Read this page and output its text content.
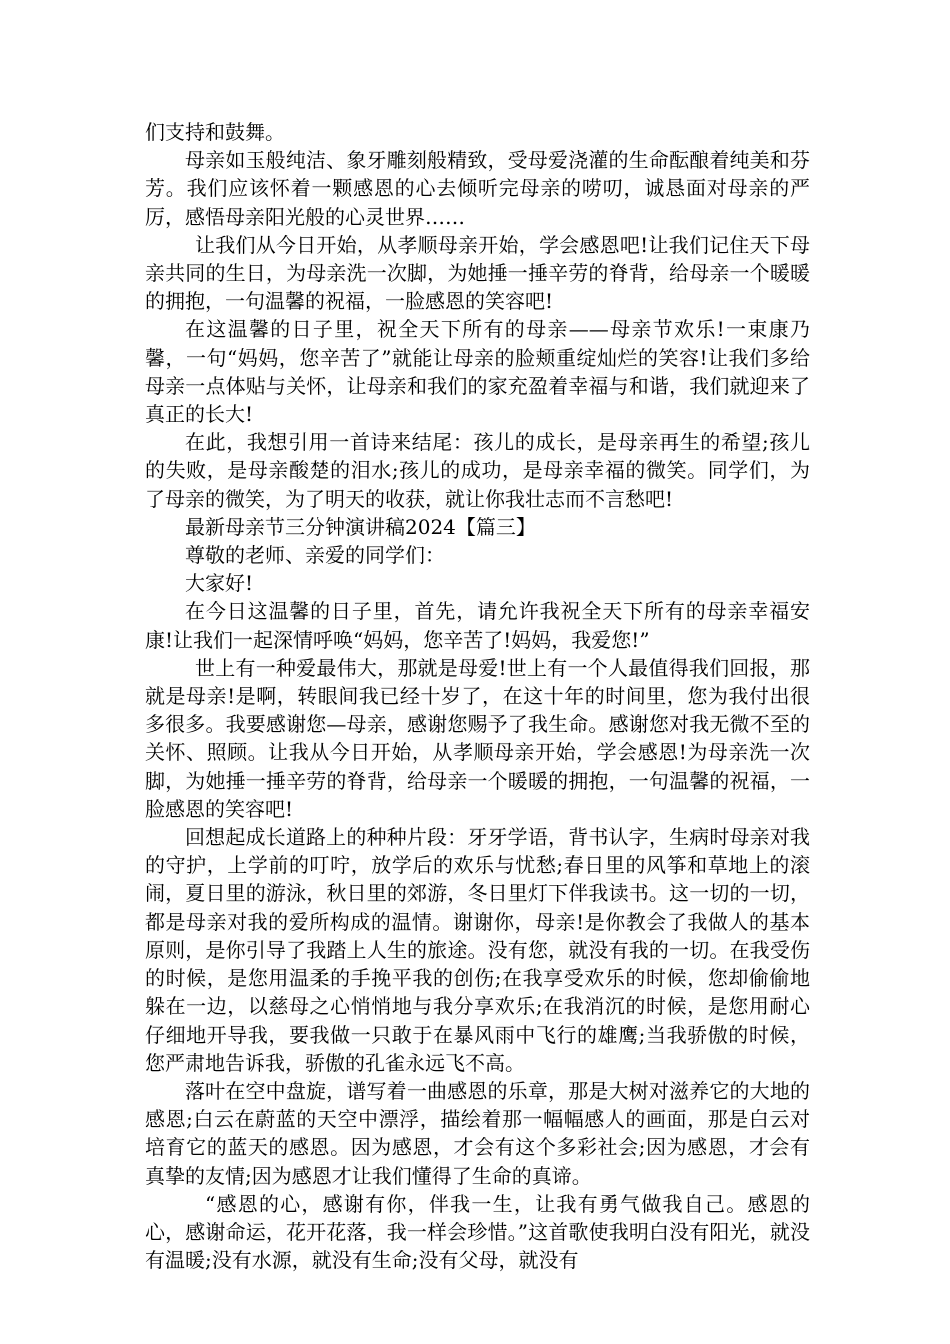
们支持和鼓舞。

母亲如玉般纯洁、象牙雕刻般精致，受母爱浇灌的生命酝酿着纯美和芬芳。我们应该怀着一颗感恩的心去倾听完母亲的唠叨，诚恳面对母亲的严厉，感悟母亲阳光般的心灵世界……

让我们从今日开始，从孝顺母亲开始，学会感恩吧!让我们记住天下母亲共同的生日，为母亲洗一次脚，为她捶一捶辛劳的脊背，给母亲一个暖暖的拥抱，一句温馨的祝福，一脸感恩的笑容吧!

在这温馨的日子里，祝全天下所有的母亲——母亲节欢乐!一束康乃馨，一句“妈妈，您辛苦了”就能让母亲的脸颊重绽灿烂的笑容!让我们多给母亲一点体贴与关怀，让母亲和我们的家充盈着幸福与和谐，我们就迎来了真正的长大!

在此，我想引用一首诗来结尾：孩儿的成长，是母亲再生的希望;孩儿的失败，是母亲酸楚的泪水;孩儿的成功，是母亲幸福的微笑。同学们，为了母亲的微笑，为了明天的收获，就让你我壮志而不言愁吧!

最新母亲节三分钟演讲稿2024【篇三】

尊敬的老师、亲爱的同学们：

大家好!

在今日这温馨的日子里，首先，请允许我祝全天下所有的母亲幸福安康!让我们一起深情呼唤“妈妈，您辛苦了!妈妈，我爱您!”

世上有一种爱最伟大，那就是母爱!世上有一个人最值得我们回报，那就是母亲!是啊，转眼间我已经十岁了，在这十年的时间里，您为我付出很多很多。我要感谢您—母亲，感谢您赐予了我生命。感谢您对我无微不至的关怀、照顾。让我从今日开始，从孝顺母亲开始，学会感恩!为母亲洗一次脚，为她捶一捶辛劳的脊背，给母亲一个暖暖的拥抱，一句温馨的祝福，一脸感恩的笑容吧!

回想起成长道路上的种种片段：牙牙学语，背书认字，生病时母亲对我的守护，上学前的叮咛，放学后的欢乐与忧愁;春日里的风筝和草地上的滚闹，夏日里的游泳，秋日里的郊游，冬日里灯下伴我读书。这一切的一切，都是母亲对我的爱所构成的温情。谢谢你，母亲!是你教会了我做人的基本原则，是你引导了我踏上人生的旅途。没有您，就没有我的一切。在我受伤的时候，是您用温柔的手挽平我的创伤;在我享受欢乐的时候，您却偷偷地躲在一边，以慈母之心悄悄地与我分享欢乐;在我消沉的时候，是您用耐心仔细地开导我，要我做一只敢于在暴风雨中飞行的雄鹰;当我骄傲的时候，您严肃地告诉我，骄傲的孔雀永远飞不高。

落叶在空中盘旋，谱写着一曲感恩的乐章，那是大树对滋养它的大地的感恩;白云在蔚蓝的天空中漂浮，描绘着那一幅幅感人的画面，那是白云对培育它的蓝天的感恩。因为感恩，才会有这个多彩社会;因为感恩，才会有真挚的友情;因为感恩才让我们懂得了生命的真谛。

“感恩的心，感谢有你，伴我一生，让我有勇气做我自己。感恩的心，感谢命运，花开花落，我一样会珍惜。”这首歌使我明白没有阳光，就没有温暖;没有水源，就没有生命;没有父母，就没有
